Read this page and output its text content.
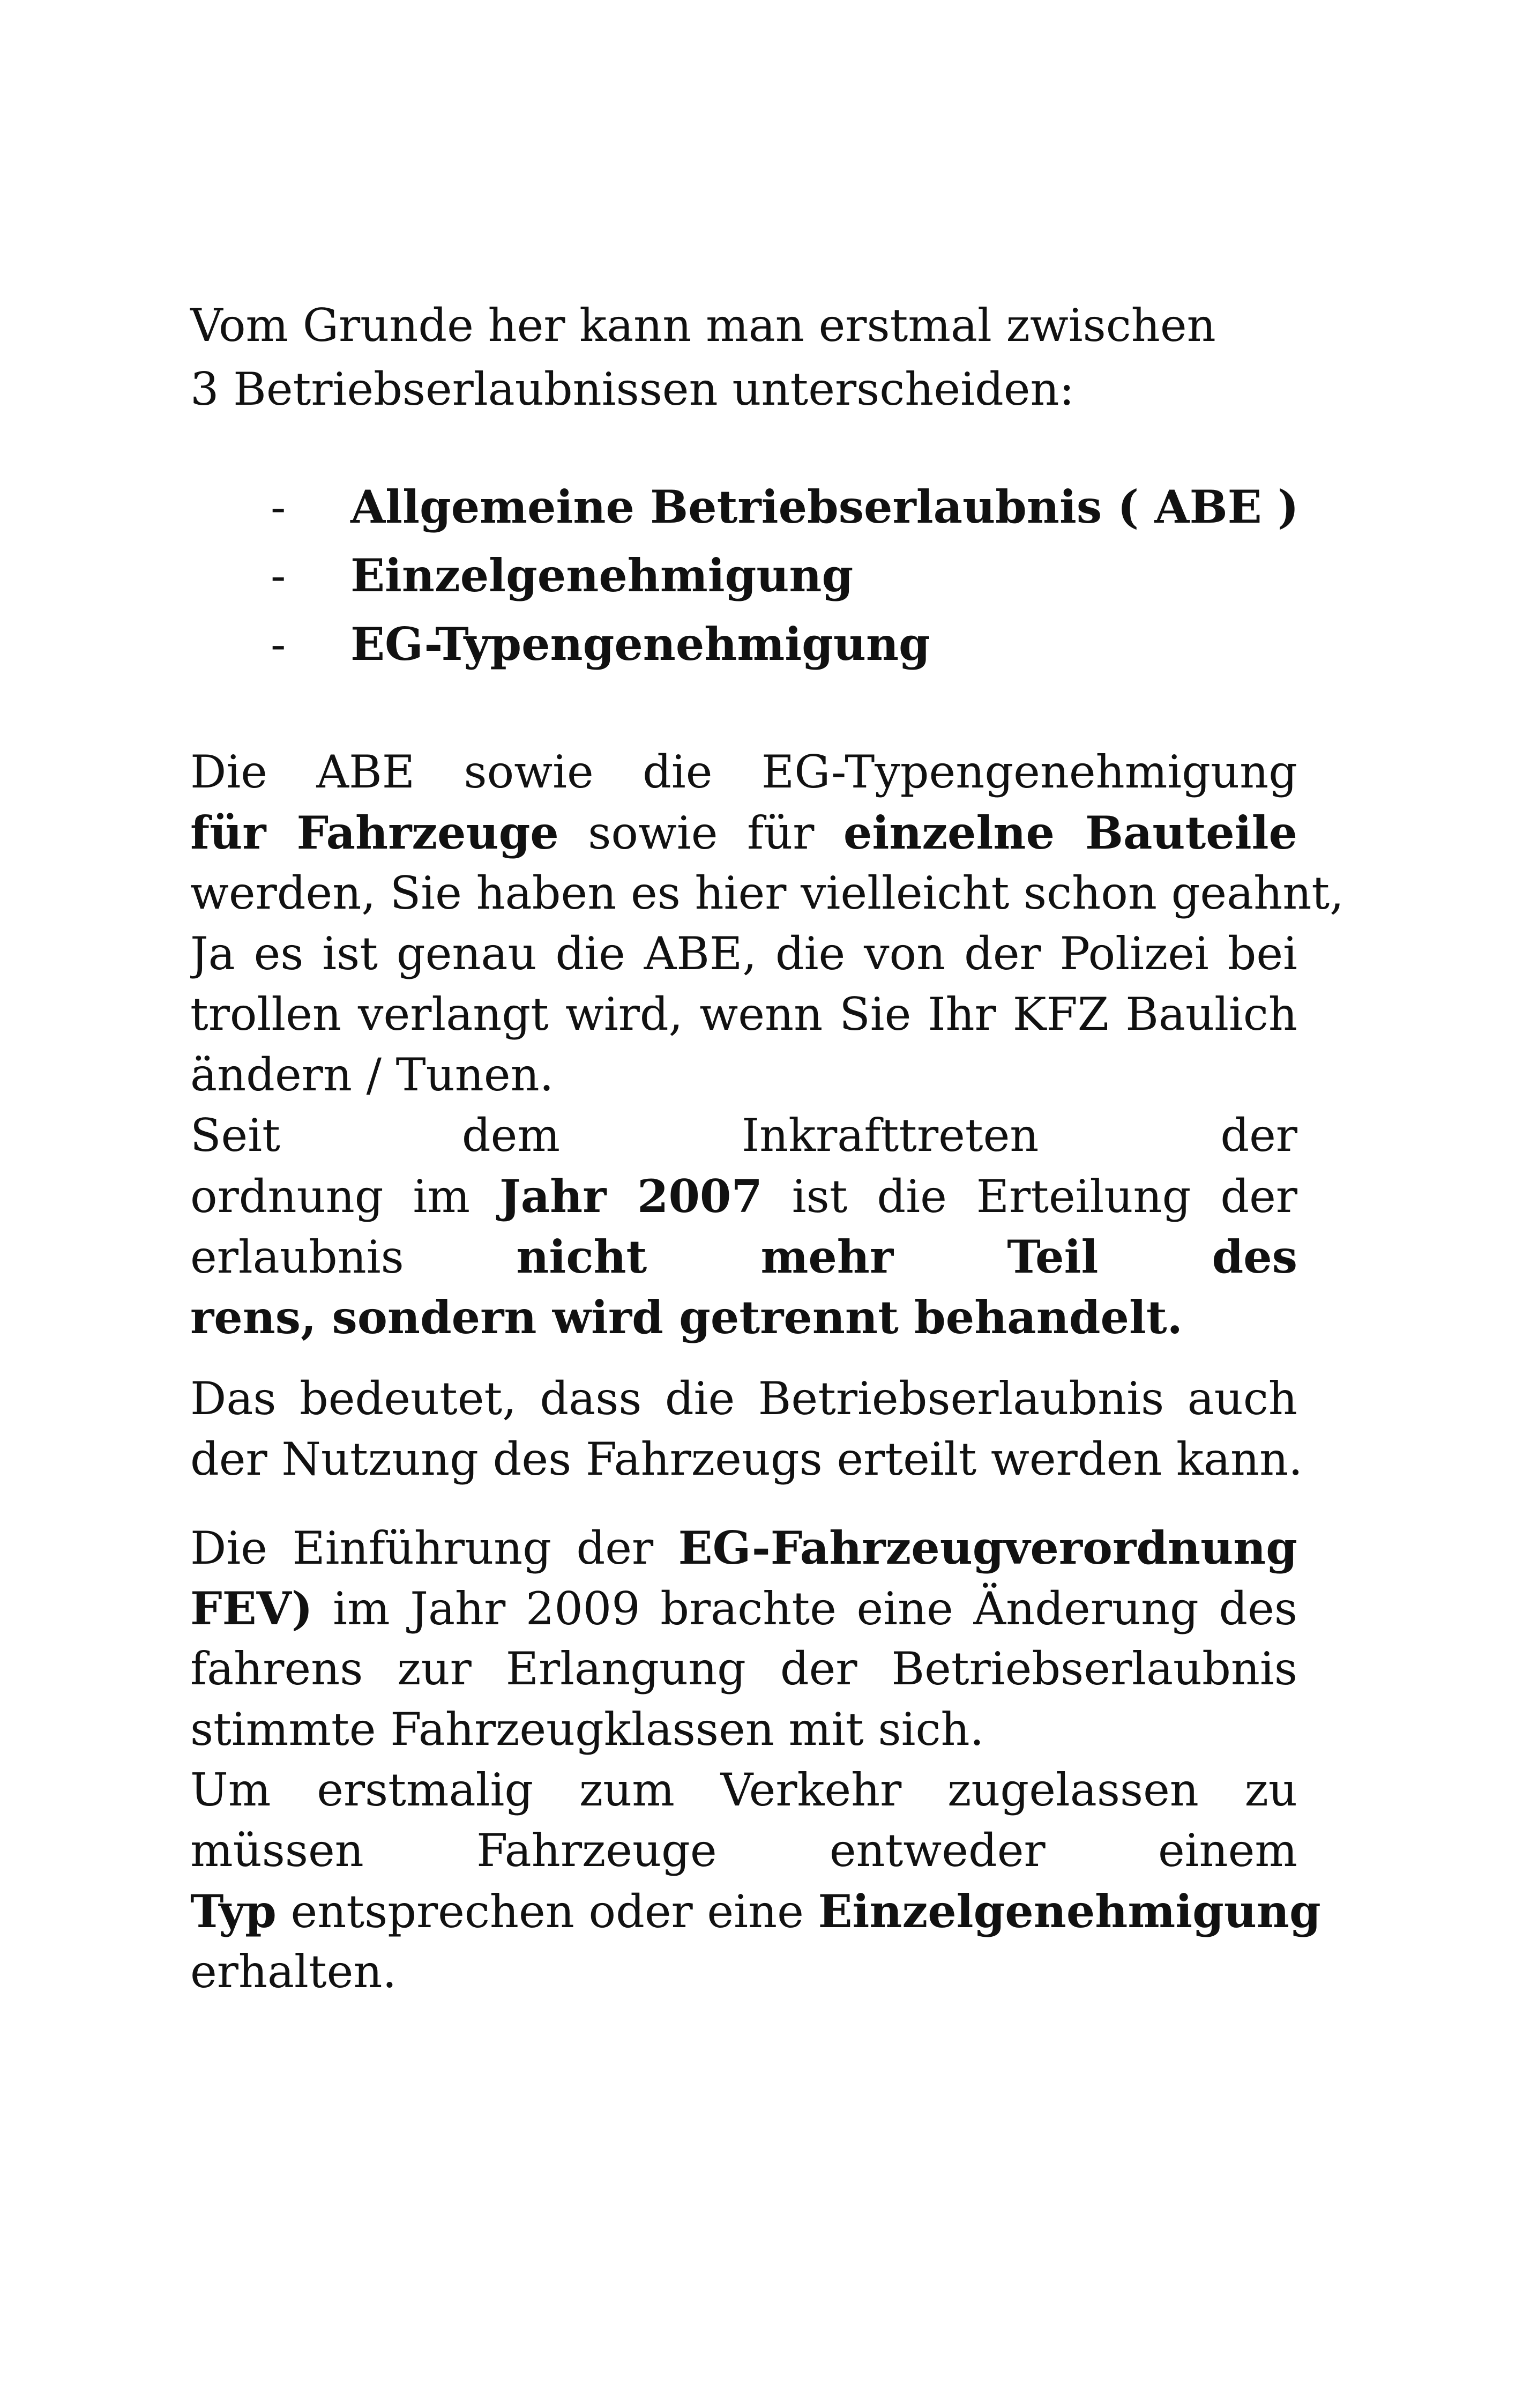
Vom Grunde her kann man erstmal zwischen
3 Betriebserlaubnissen unterscheiden:
- Allgemeine Betriebserlaubnis ( ABE )
- Einzelgenehmigung
- EG-Typengenehmigung
Die ABE sowie die EG-Typengenehmigung
für Fahrzeuge sowie für einzelne Bauteile
werden, Sie haben es hier vielleicht schon geahnt,
Ja es ist genau die ABE, die von der Polizei bei
trollen verlangt wird, wenn Sie Ihr KFZ Baulich
ändern / Tunen.
Seit dem Inkrafttreten der
ordnung im Jahr 2007 ist die Erteilung der
erlaubnis nicht mehr Teil des
rens, sondern wird getrennt behandelt.
Das bedeutet, dass die Betriebserlaubnis auch
der Nutzung des Fahrzeugs erteilt werden kann.
Die Einführung der EG-Fahrzeugverordnung
FEV) im Jahr 2009 brachte eine Änderung des
fahrens zur Erlangung der Betriebserlaubnis
stimmte Fahrzeugklassen mit sich.
Um erstmalig zum Verkehr zugelassen zu
müssen Fahrzeuge entweder einem
Typ entsprechen oder eine Einzelgenehmigung
erhalten.
